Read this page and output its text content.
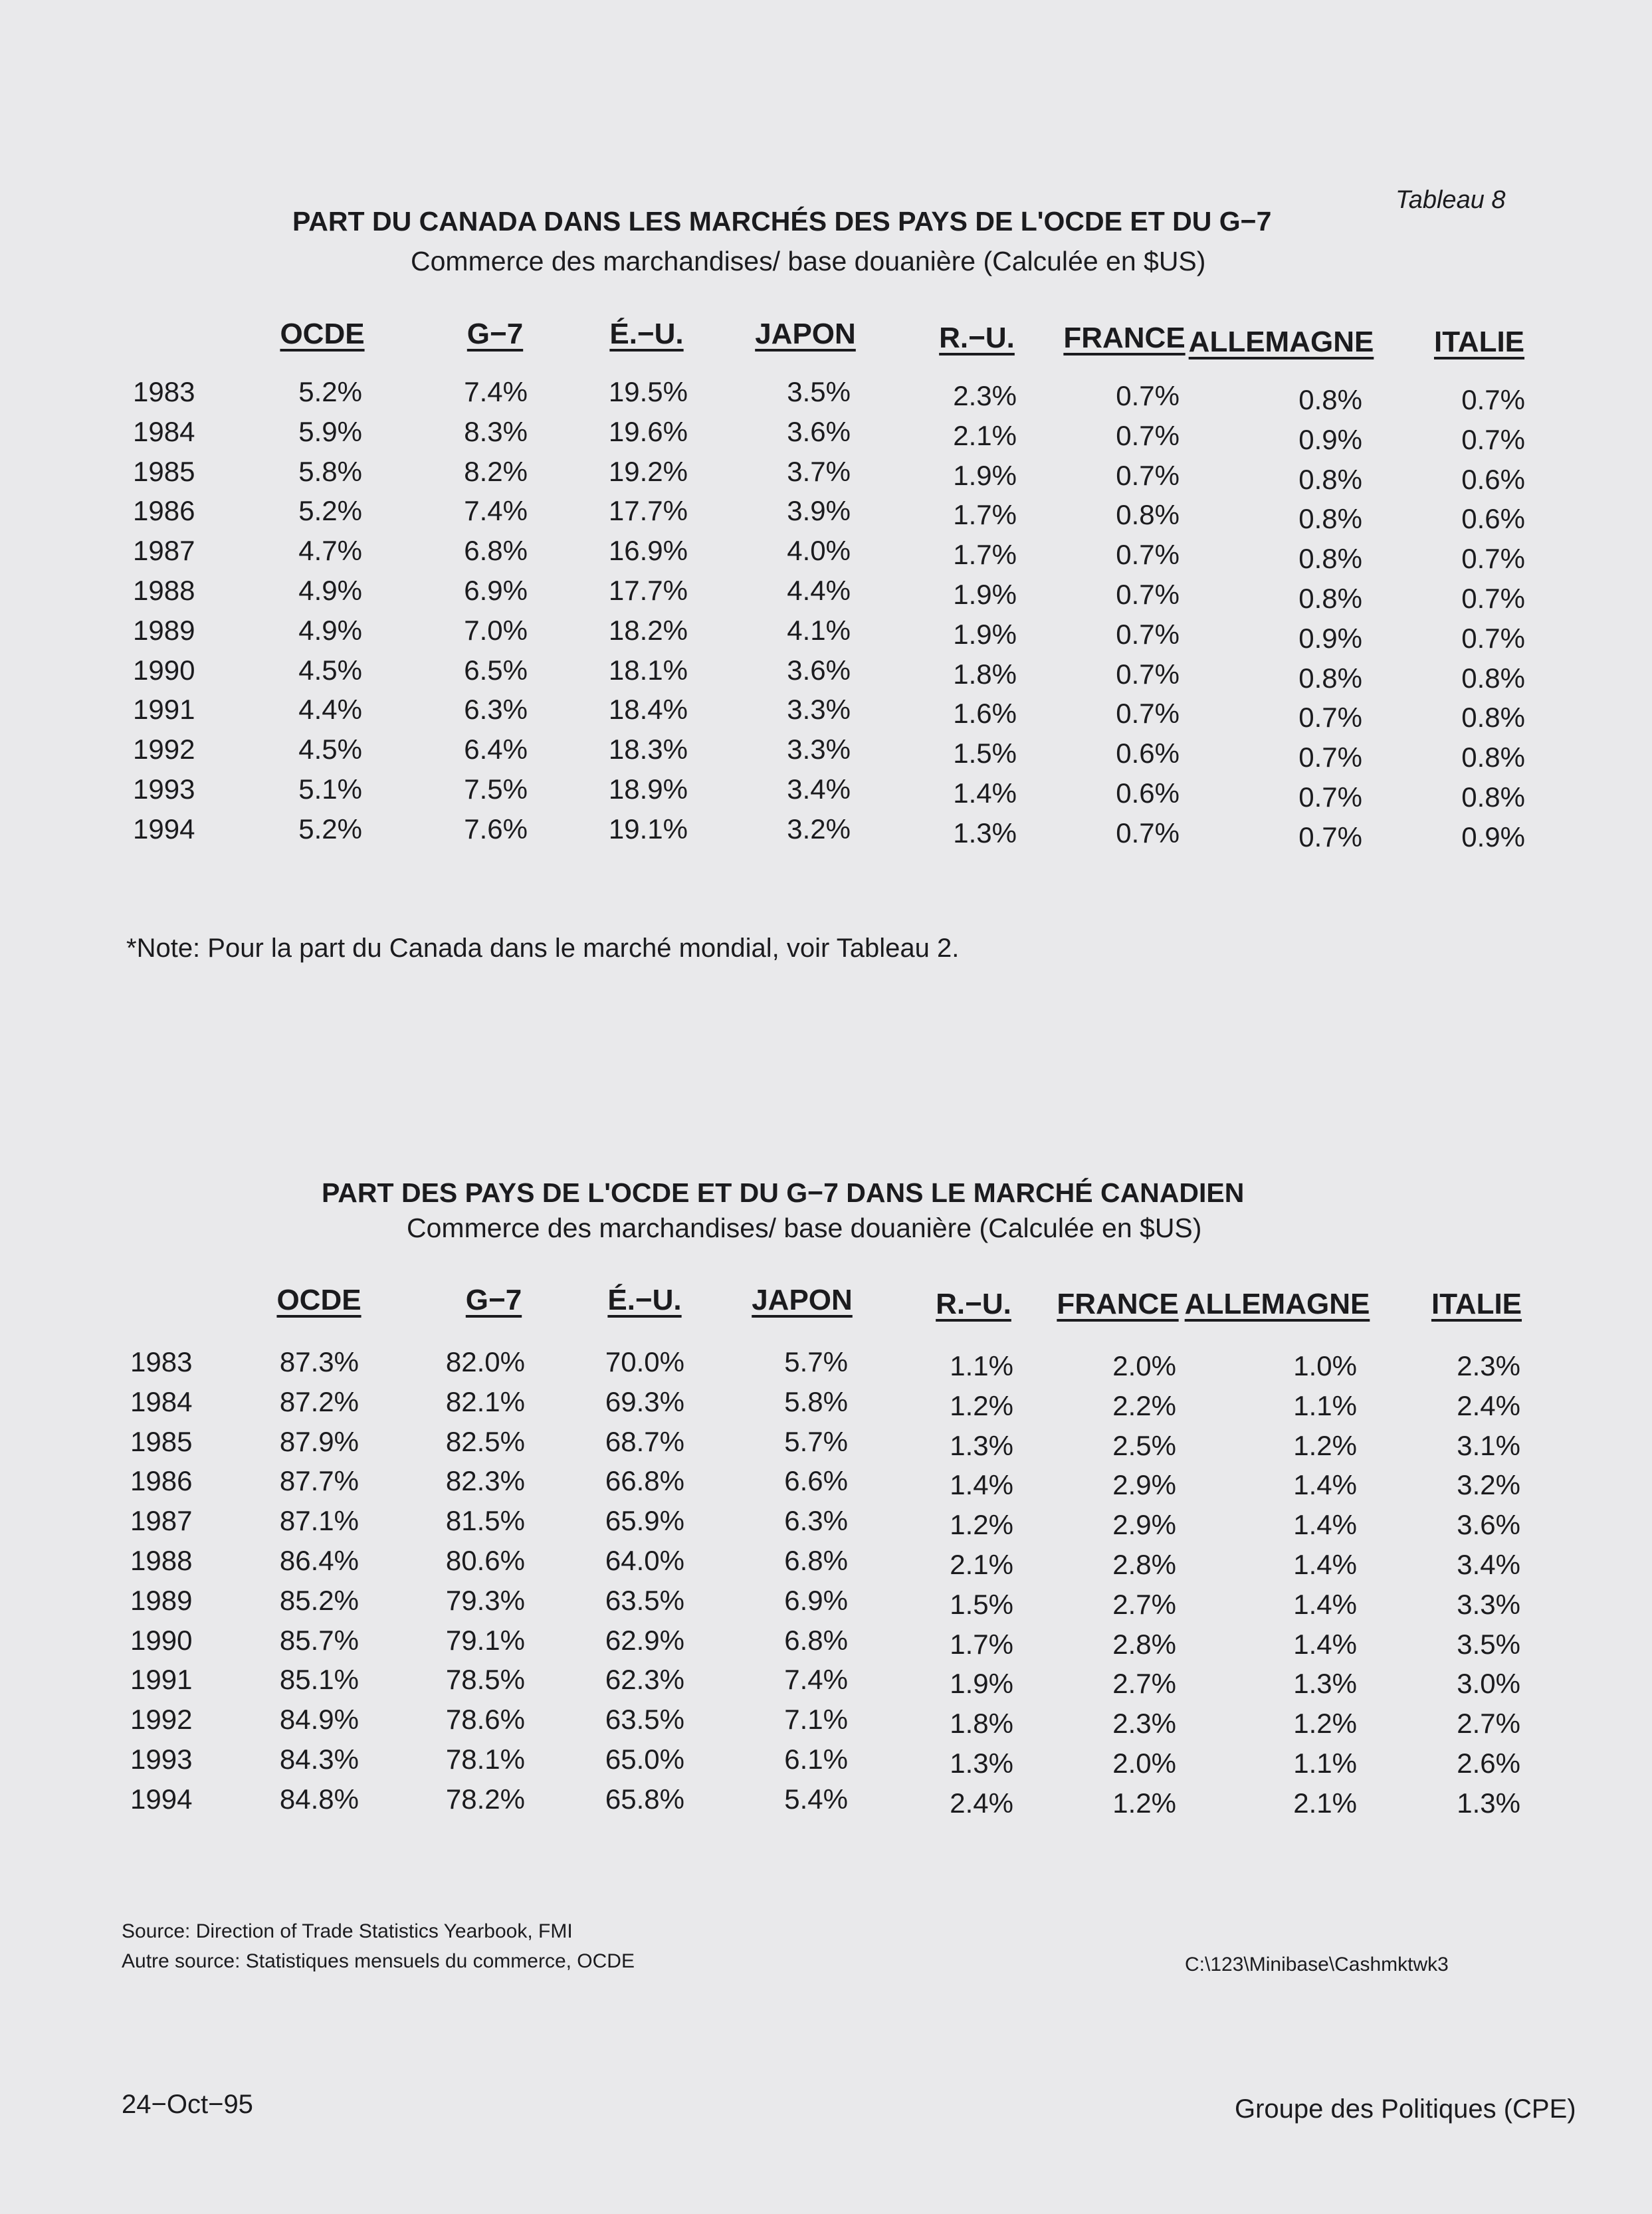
Tableau 8
PART DU CANADA DANS LES MARCHÉS DES PAYS DE L'OCDE ET DU G−7
Commerce des marchandises/ base douanière (Calculée en $US)
OCDE	G−7	É.−U. JAPON	R.−U. FRANCE ALLEMAGNE ITALIE
1983	5.2%	7.4%	19.5%	3.5%	2.3%	0.7%	0.8%	0.7%
1984	5.9%	8.3%	19.6%	3.6%	2.1%	0.7%	0.9%	0.7%
1985	5.8%	8.2%	19.2%	3.7%	1.9%	0.7%	0.8%	0.6%
1986	5.2%	7.4%	17.7%	3.9%	1.7%	0.8%	0.8%	0.6%
1987	4.7%	6.8%	16.9%	4.0%	1.7%	0.7%	0.8%	0.7%
1988	4.9%	6.9%	17.7%	4.4%	1.9%	0.7%	0.8%	0.7%
1989	4.9%	7.0%	18.2%	4.1%	1.9%	0.7%	0.9%	0.7%
1990	4.5%	6.5%	18.1%	3.6%	1.8%	0.7%	0.8%	0.8%
1991	4.4%	6.3%	18.4%	3.3%	1.6%	0.7%	0.7%	0.8%
1992	4.5%	6.4%	18.3%	3.3%	1.5%	0.6%	0.7%	0.8%
1993	5.1%	7.5%	18.9%	3.4%	1.4%	0.6%	0.7%	0.8%
1994	5.2%	7.6%	19.1%	3.2%	1.3%	0.7%	0.7%	0.9%
*Note: Pour la part du Canada dans le marché mondial, voir Tableau 2.
PART DES PAYS DE L'OCDE ET DU G−7 DANS LE MARCHÉ CANADIEN
Commerce des marchandises/ base douanière (Calculée en $US)
OCDE	G−7	É.−U. JAPON	R.−U. FRANCE ALLEMAGNE ITALIE
1983	87.3%	82.0%	70.0%	5.7%	1.1%	2.0%	1.0%	2.3%
1984	87.2%	82.1%	69.3%	5.8%	1.2%	2.2%	1.1%	2.4%
1985	87.9%	82.5%	68.7%	5.7%	1.3%	2.5%	1.2%	3.1%
1986	87.7%	82.3%	66.8%	6.6%	1.4%	2.9%	1.4%	3.2%
1987	87.1%	81.5%	65.9%	6.3%	1.2%	2.9%	1.4%	3.6%
1988	86.4%	80.6%	64.0%	6.8%	2.1%	2.8%	1.4%	3.4%
1989	85.2%	79.3%	63.5%	6.9%	1.5%	2.7%	1.4%	3.3%
1990	85.7%	79.1%	62.9%	6.8%	1.7%	2.8%	1.4%	3.5%
1991	85.1%	78.5%	62.3%	7.4%	1.9%	2.7%	1.3%	3.0%
1992	84.9%	78.6%	63.5%	7.1%	1.8%	2.3%	1.2%	2.7%
1993	84.3%	78.1%	65.0%	6.1%	1.3%	2.0%	1.1%	2.6%
1994	84.8%	78.2%	65.8%	5.4%	2.4%	1.2%	2.1%	1.3%
Source: Direction of Trade Statistics Yearbook, FMI
Autre source: Statistiques mensuels du commerce, OCDE	C:\123\Minibase\Cashmktwk3
24−Oct−95	Groupe des Politiques (CPE)
